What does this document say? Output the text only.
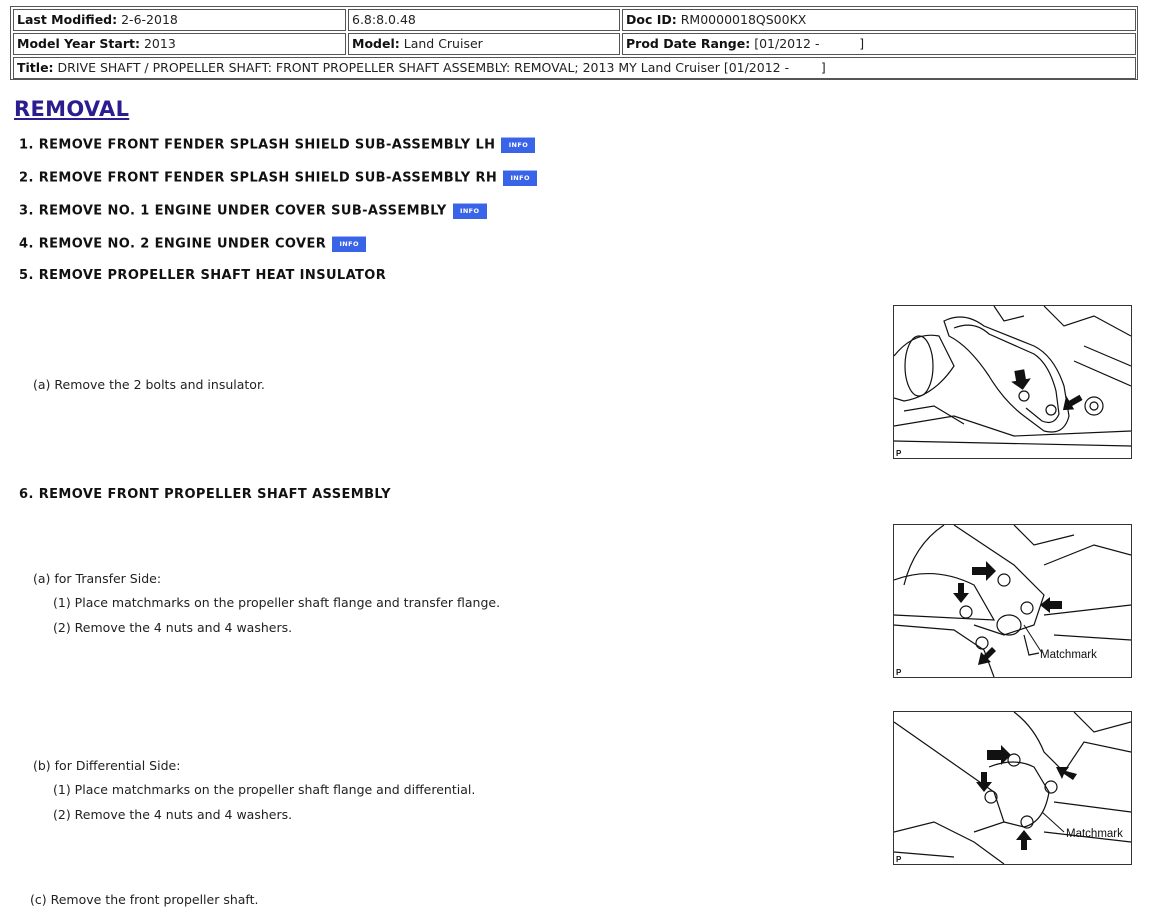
Last Modified: 2-6-2018	6.8:8.0.48	Doc ID: RM0000018QS00KX
Model Year Start: 2013	Model: Land Cruiser	Prod Date Range: [01/2012 -          ]
Title: DRIVE SHAFT / PROPELLER SHAFT: FRONT PROPELLER SHAFT ASSEMBLY: REMOVAL; 2013 MY Land Cruiser [01/2012 -        ]
REMOVAL
1. REMOVE FRONT FENDER SPLASH SHIELD SUB-ASSEMBLY LH INFO
2. REMOVE FRONT FENDER SPLASH SHIELD SUB-ASSEMBLY RH INFO
3. REMOVE NO. 1 ENGINE UNDER COVER SUB-ASSEMBLY INFO
4. REMOVE NO. 2 ENGINE UNDER COVER INFO
5. REMOVE PROPELLER SHAFT HEAT INSULATOR
(a) Remove the 2 bolts and insulator.
P
6. REMOVE FRONT PROPELLER SHAFT ASSEMBLY
(a) for Transfer Side:
(1) Place matchmarks on the propeller shaft flange and transfer flange.
(2) Remove the 4 nuts and 4 washers.
Matchmark
P
(b) for Differential Side:
(1) Place matchmarks on the propeller shaft flange and differential.
(2) Remove the 4 nuts and 4 washers.
Matchmark
P
(c) Remove the front propeller shaft.
